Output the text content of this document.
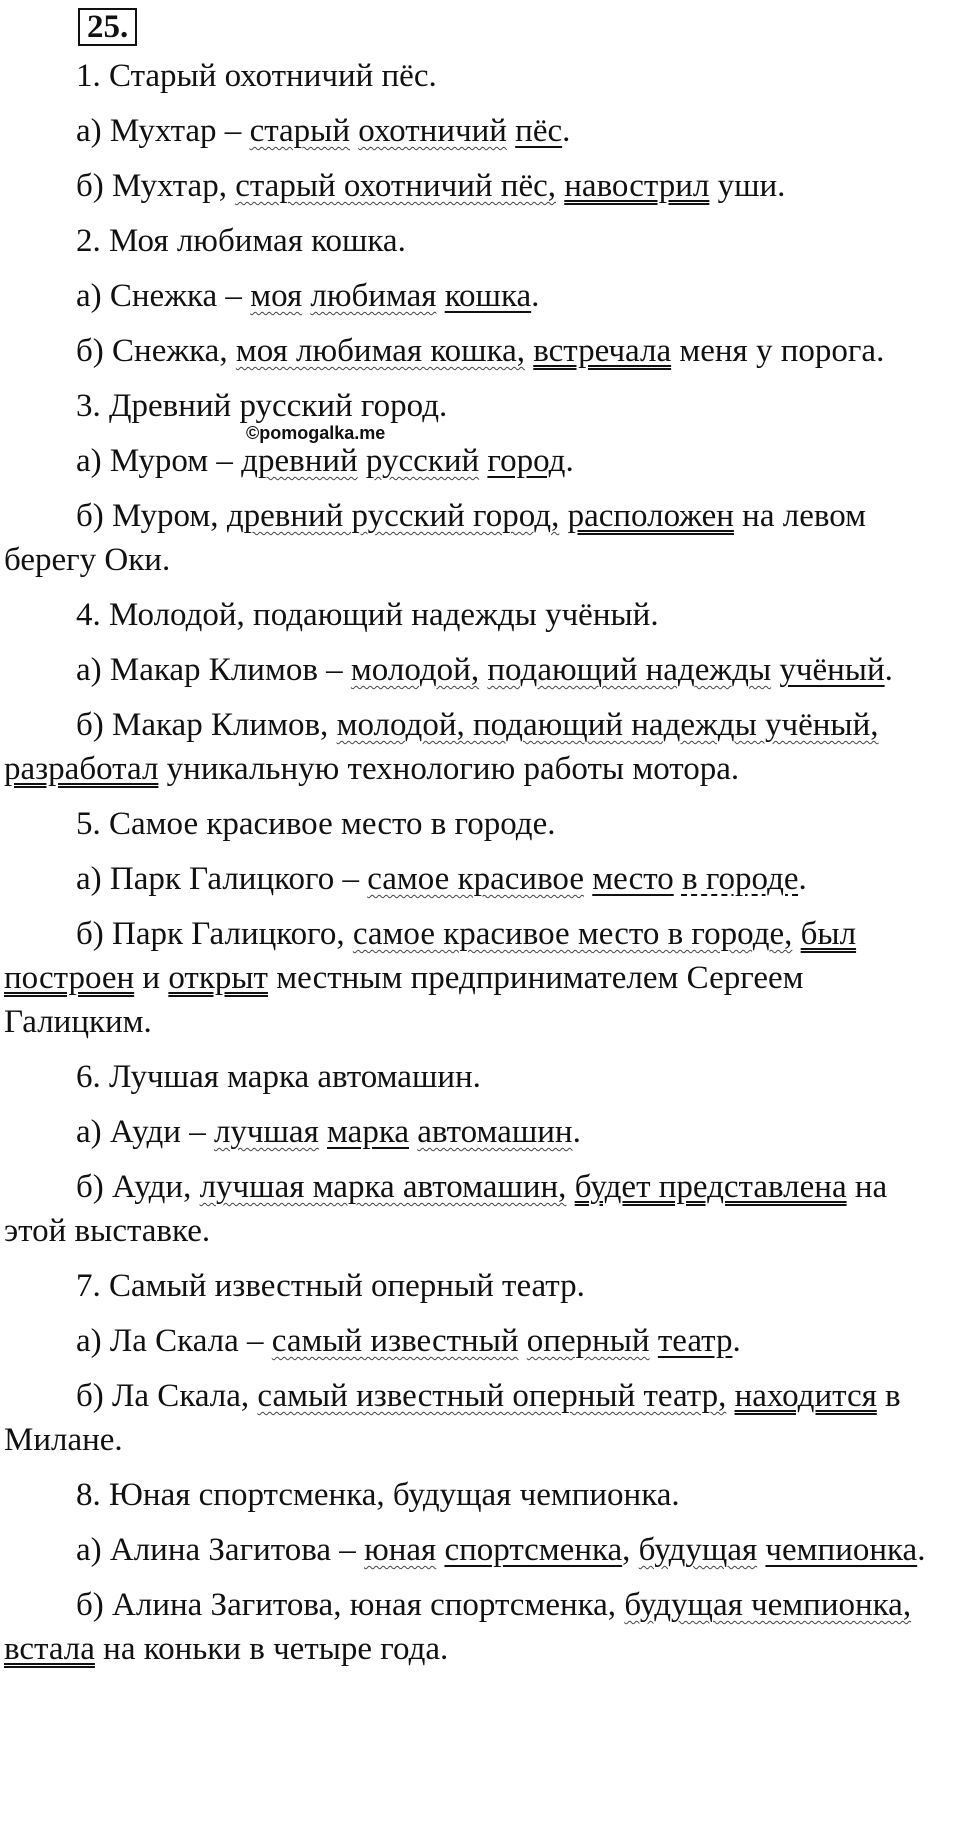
25.

1. Старый охотничий пёс.

а) Мухтар – старый охотничий пёс.

б) Мухтар, старый охотничий пёс, навострил уши.

2. Моя любимая кошка.

а) Снежка – моя любимая кошка.

б) Снежка, моя любимая кошка, встречала меня у порога.

3. Древний русский город.

а) Муром – древний русский город.

б) Муром, древний русский город, расположен на левом берегу Оки.

4. Молодой, подающий надежды учёный.

а) Макар Климов – молодой, подающий надежды учёный.

б) Макар Климов, молодой, подающий надежды учёный, разработал уникальную технологию работы мотора.

5. Самое красивое место в городе.

а) Парк Галицкого – самое красивое место в городе.

б) Парк Галицкого, самое красивое место в городе, был построен и открыт местным предпринимателем Сергеем Галицким.

6. Лучшая марка автомашин.

а) Ауди – лучшая марка автомашин.

б) Ауди, лучшая марка автомашин, будет представлена на этой выставке.

7. Самый известный оперный театр.

а) Ла Скала – самый известный оперный театр.

б) Ла Скала, самый известный оперный театр, находится в Милане.

8. Юная спортсменка, будущая чемпионка.

а) Алина Загитова – юная спортсменка, будущая чемпионка.

б) Алина Загитова, юная спортсменка, будущая чемпионка, встала на коньки в четыре года.

©pomogalka.me
